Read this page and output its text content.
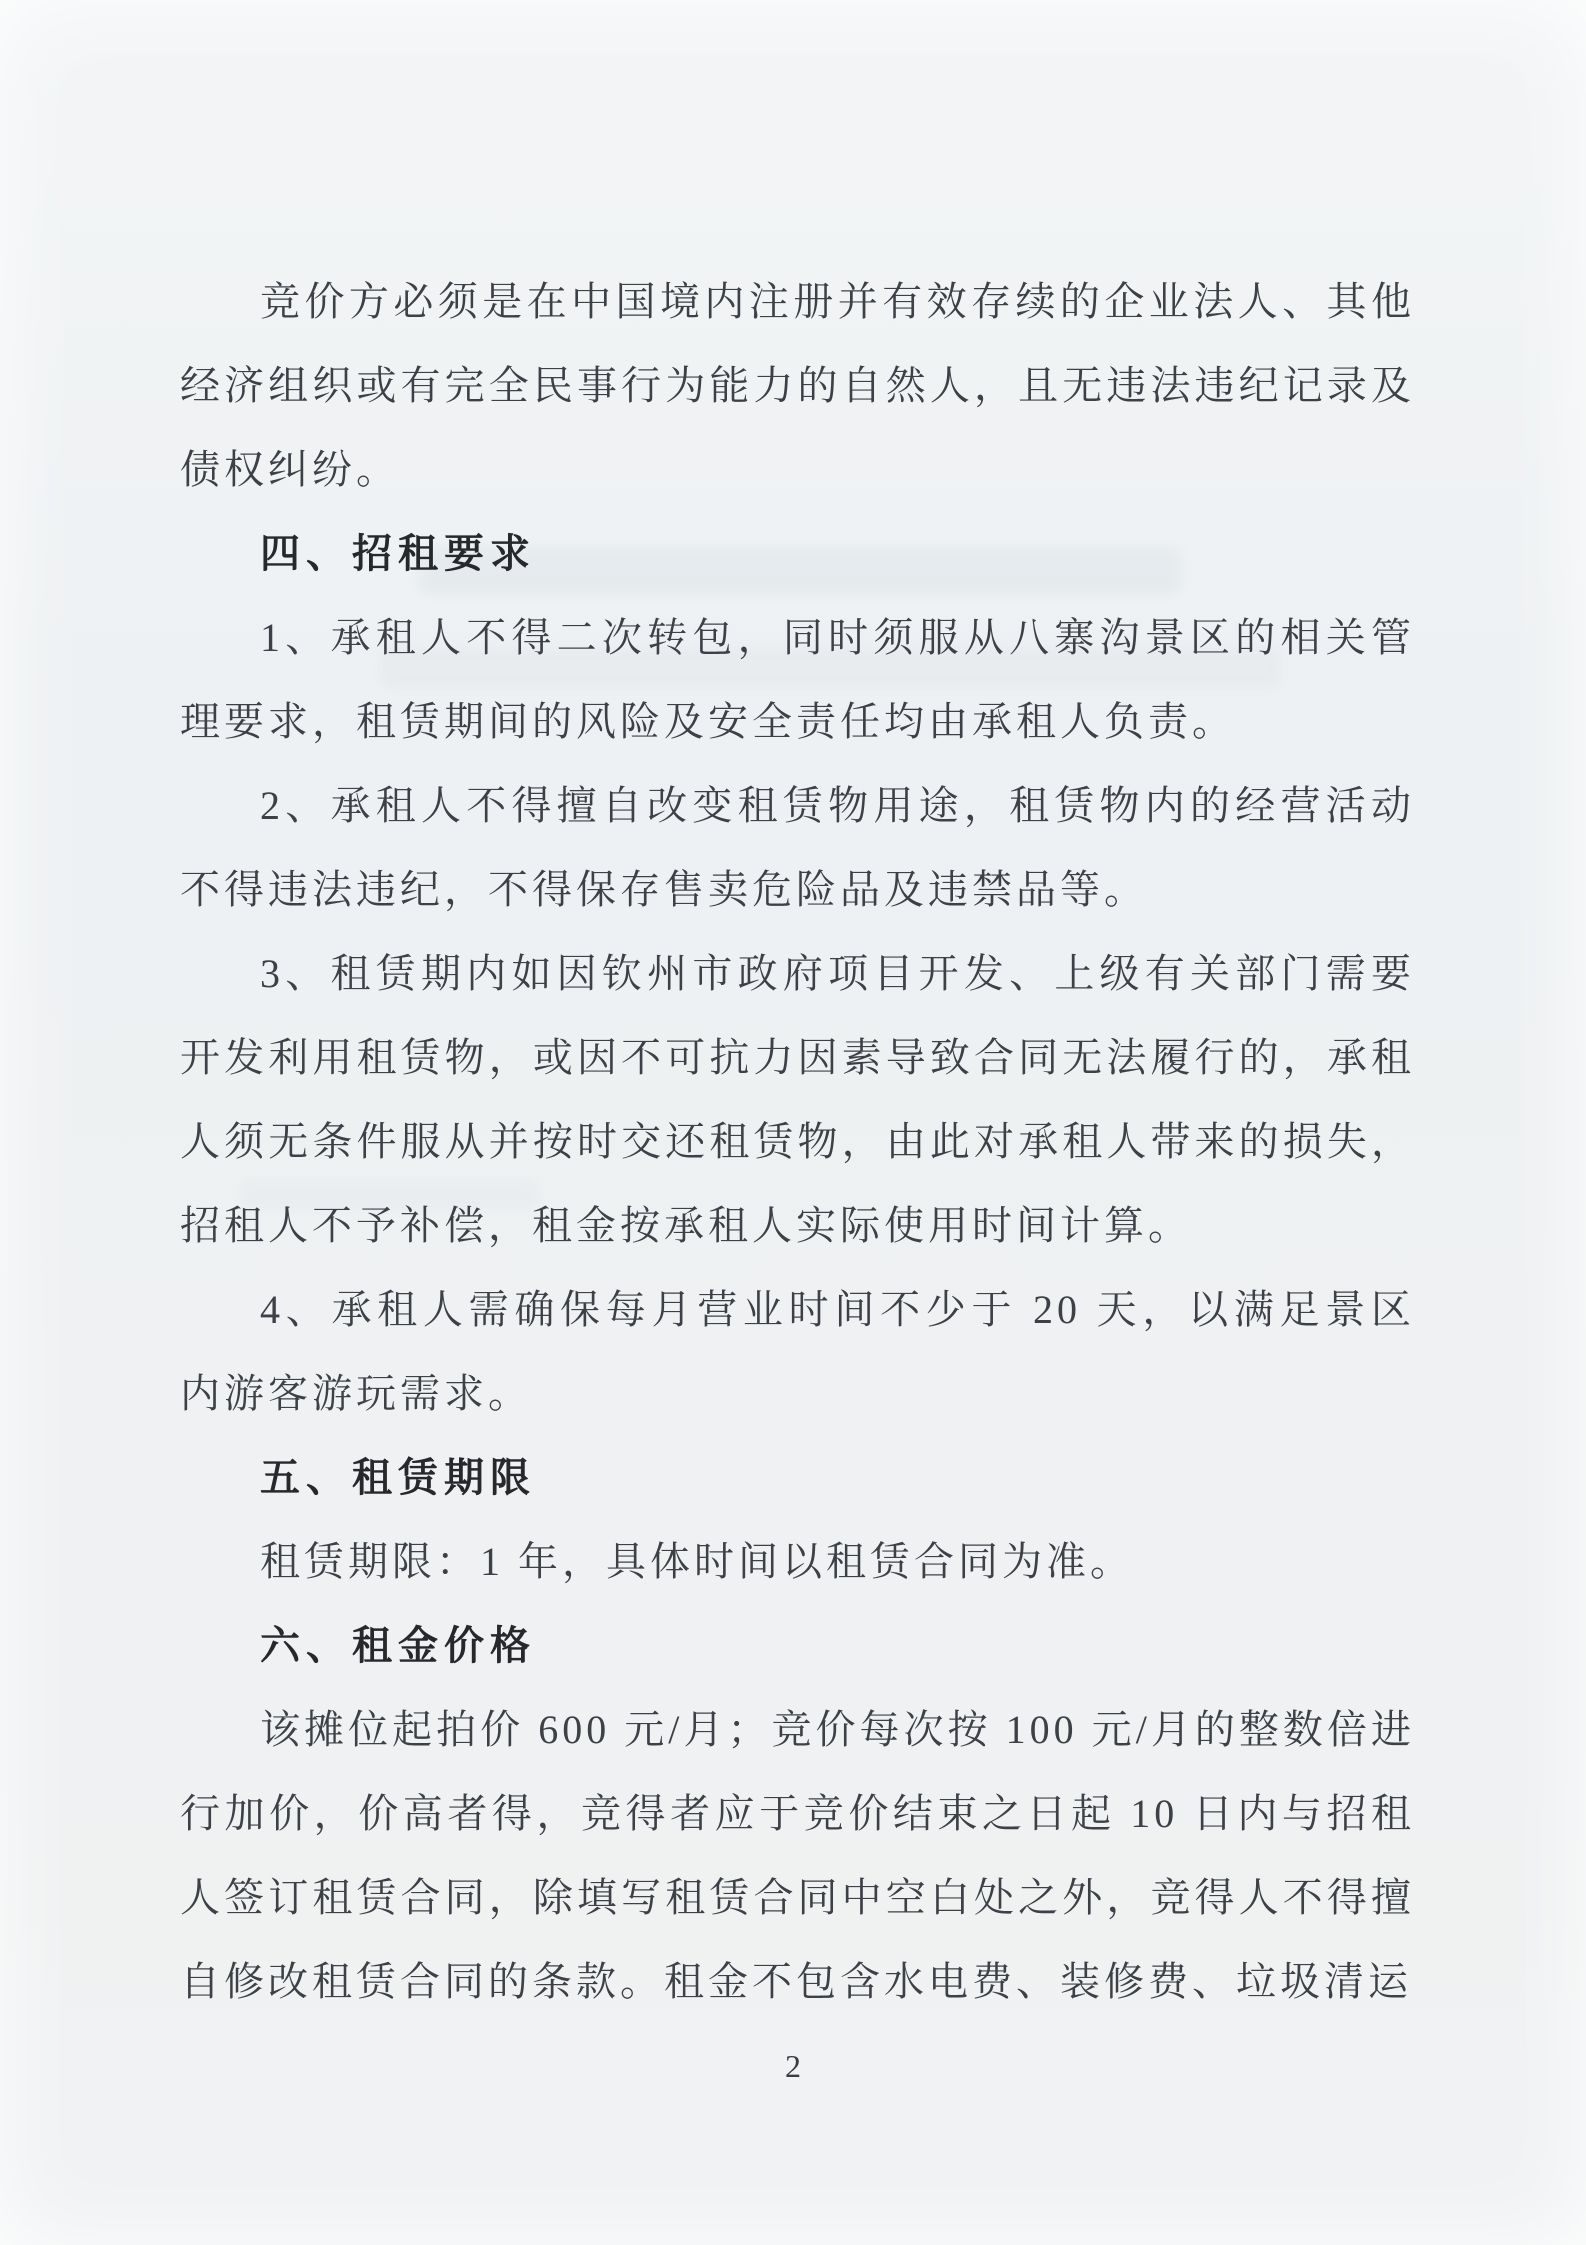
竞价方必须是在中国境内注册并有效存续的企业法人、其他经济组织或有完全民事行为能力的自然人，且无违法违纪记录及债权纠纷。

四、招租要求

1、承租人不得二次转包，同时须服从八寨沟景区的相关管理要求，租赁期间的风险及安全责任均由承租人负责。

2、承租人不得擅自改变租赁物用途，租赁物内的经营活动不得违法违纪，不得保存售卖危险品及违禁品等。

3、租赁期内如因钦州市政府项目开发、上级有关部门需要开发利用租赁物，或因不可抗力因素导致合同无法履行的，承租人须无条件服从并按时交还租赁物，由此对承租人带来的损失，招租人不予补偿，租金按承租人实际使用时间计算。

4、承租人需确保每月营业时间不少于 20 天，以满足景区内游客游玩需求。

五、租赁期限

租赁期限：1 年，具体时间以租赁合同为准。

六、租金价格

该摊位起拍价 600 元/月；竞价每次按 100 元/月的整数倍进行加价，价高者得，竞得者应于竞价结束之日起 10 日内与招租人签订租赁合同，除填写租赁合同中空白处之外，竞得人不得擅自修改租赁合同的条款。租金不包含水电费、装修费、垃圾清运

2
